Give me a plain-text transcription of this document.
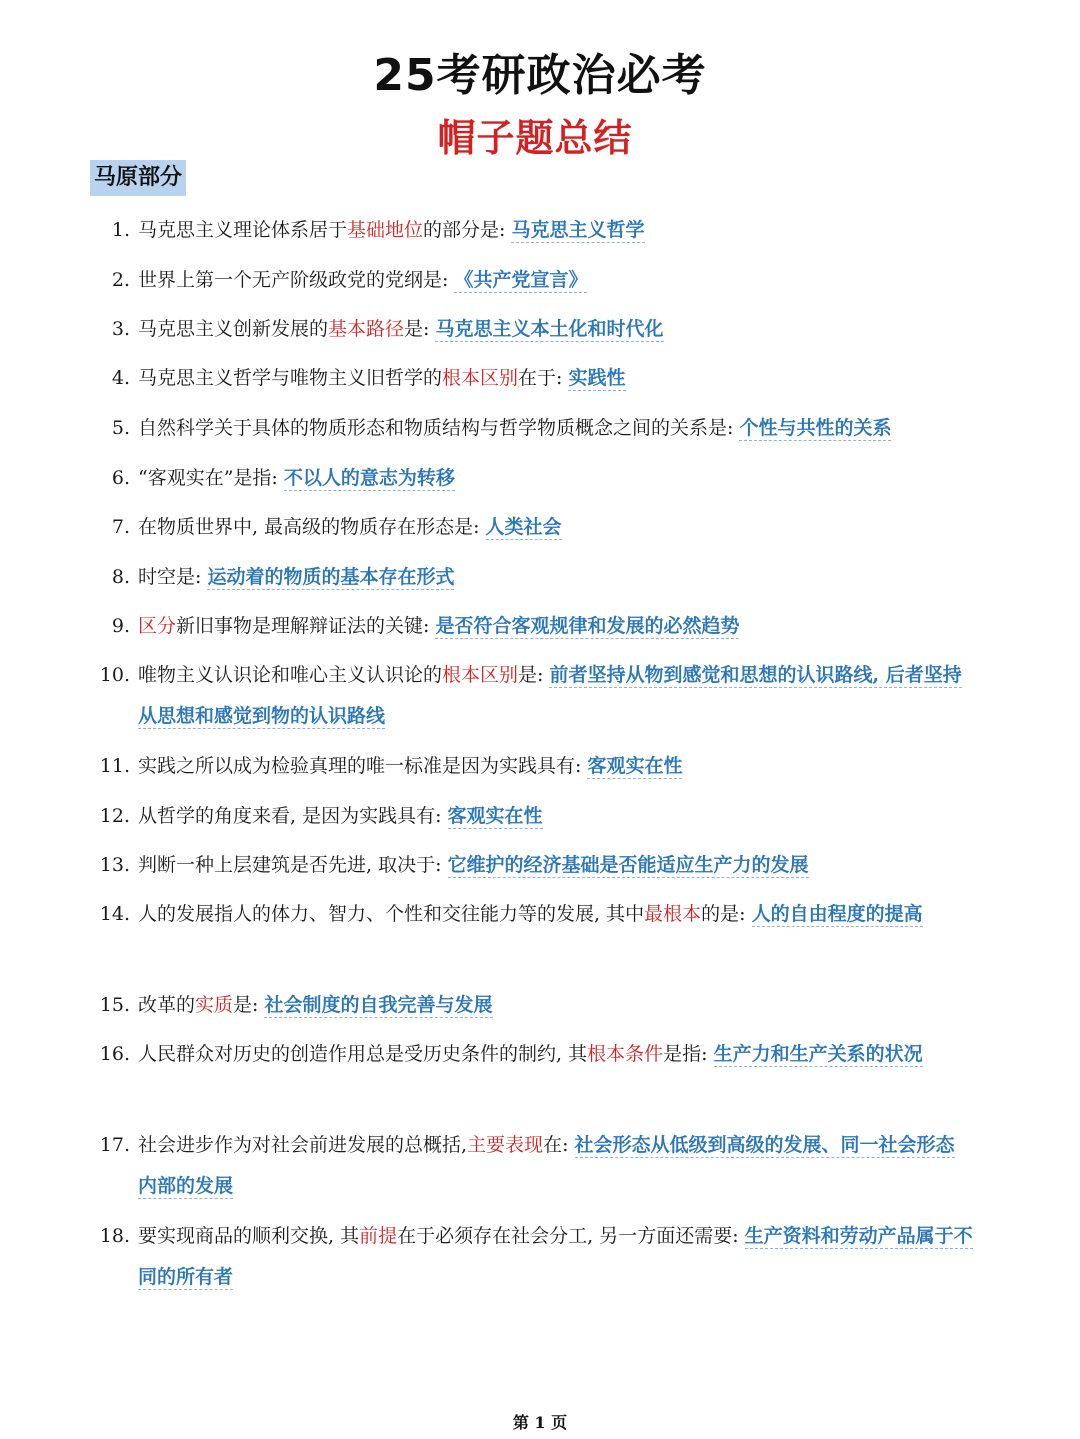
25考研政治必考
帽子题总结
马原部分
1. 马克思主义理论体系居于基础地位的部分是: 马克思主义哲学
2. 世界上第一个无产阶级政党的党纲是: 《共产党宣言》
3. 马克思主义创新发展的基本路径是: 马克思主义本土化和时代化
4. 马克思主义哲学与唯物主义旧哲学的根本区别在于: 实践性
5. 自然科学关于具体的物质形态和物质结构与哲学物质概念之间的关系是: 个性与共性的关系
6. “客观实在”是指: 不以人的意志为转移
7. 在物质世界中, 最高级的物质存在形态是: 人类社会
8. 时空是: 运动着的物质的基本存在形式
9. 区分新旧事物是理解辩证法的关键: 是否符合客观规律和发展的必然趋势
10. 唯物主义认识论和唯心主义认识论的根本区别是: 前者坚持从物到感觉和思想的认识路线, 后者坚持从思想和感觉到物的认识路线
11. 实践之所以成为检验真理的唯一标准是因为实践具有: 客观实在性
12. 从哲学的角度来看, 是因为实践具有: 客观实在性
13. 判断一种上层建筑是否先进, 取决于: 它维护的经济基础是否能适应生产力的发展
14. 人的发展指人的体力、智力、个性和交往能力等的发展, 其中最根本的是: 人的自由程度的提高
15. 改革的实质是: 社会制度的自我完善与发展
16. 人民群众对历史的创造作用总是受历史条件的制约, 其根本条件是指: 生产力和生产关系的状况
17. 社会进步作为对社会前进发展的总概括,主要表现在: 社会形态从低级到高级的发展、同一社会形态内部的发展
18. 要实现商品的顺利交换, 其前提在于必须存在社会分工, 另一方面还需要: 生产资料和劳动产品属于不同的所有者
第 1 页
